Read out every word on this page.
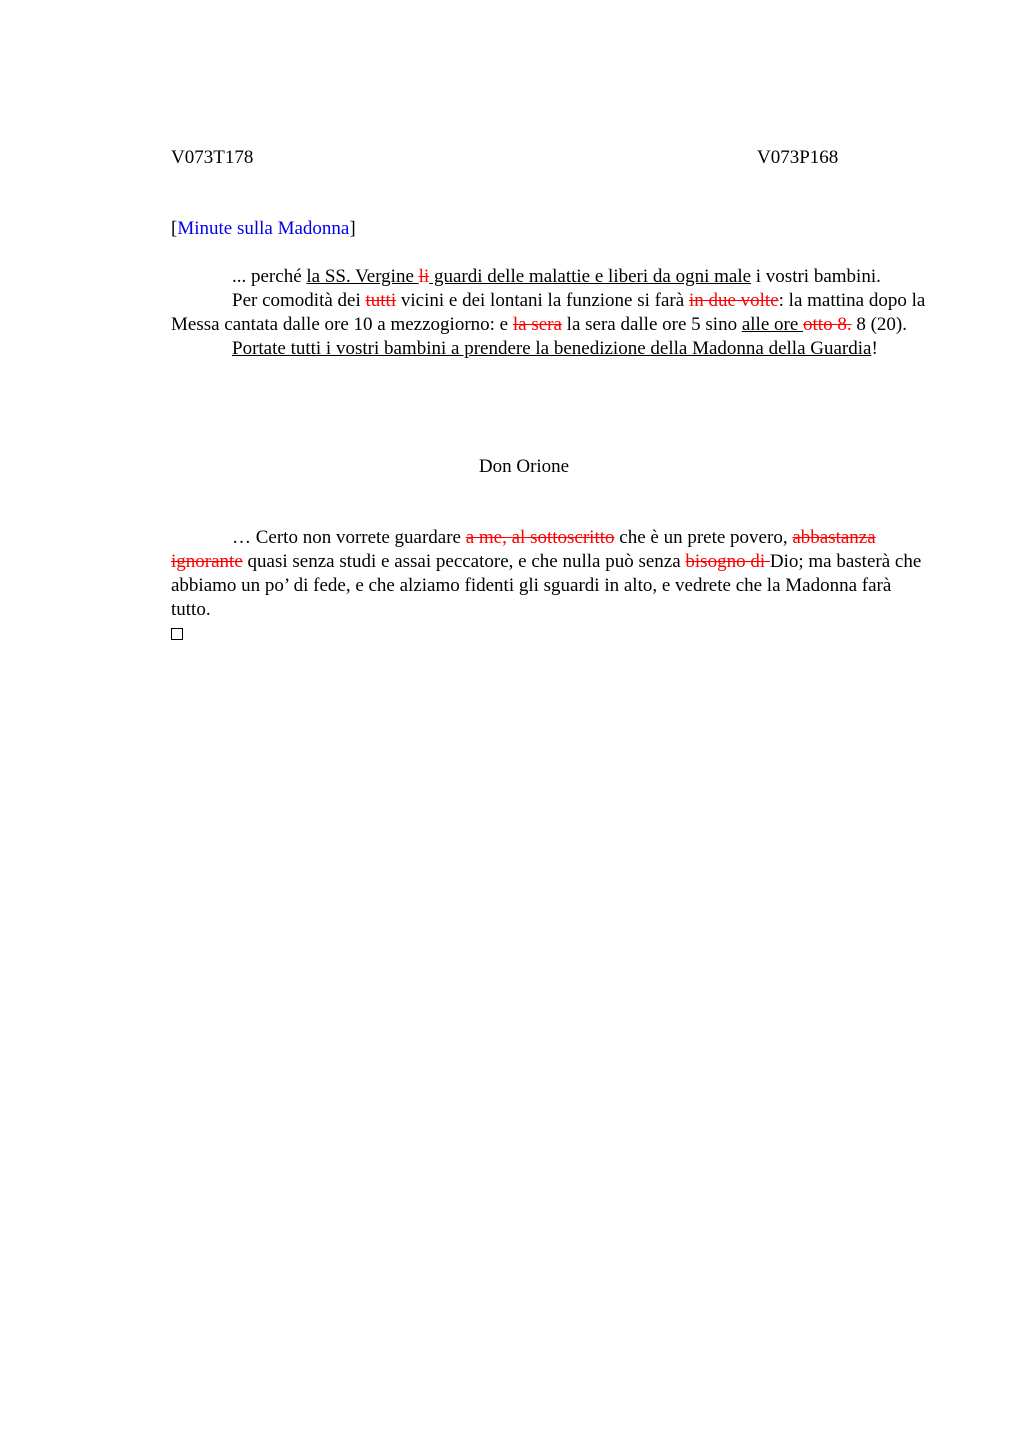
V073T178	V073P168
[Minute sulla Madonna]

... perché la SS. Vergine li guardi delle malattie e liberi da ogni male i vostri bambini.

Per comodità dei tutti vicini e dei lontani la funzione si farà in due volte: la mattina dopo la Messa cantata dalle ore 10 a mezzogiorno: e la sera la sera dalle ore 5 sino alle ore otto 8. 8 (20).

Portate tutti i vostri bambini a prendere la benedizione della Madonna della Guardia!

Don Orione

… Certo non vorrete guardare a me, al sottoscritto che è un prete povero, abbastanza ignorante quasi senza studi e assai peccatore, e che nulla può senza bisogno di Dio; ma basterà che abbiamo un po’ di fede, e che alziamo fidenti gli sguardi in alto, e vedrete che la Madonna farà tutto.
